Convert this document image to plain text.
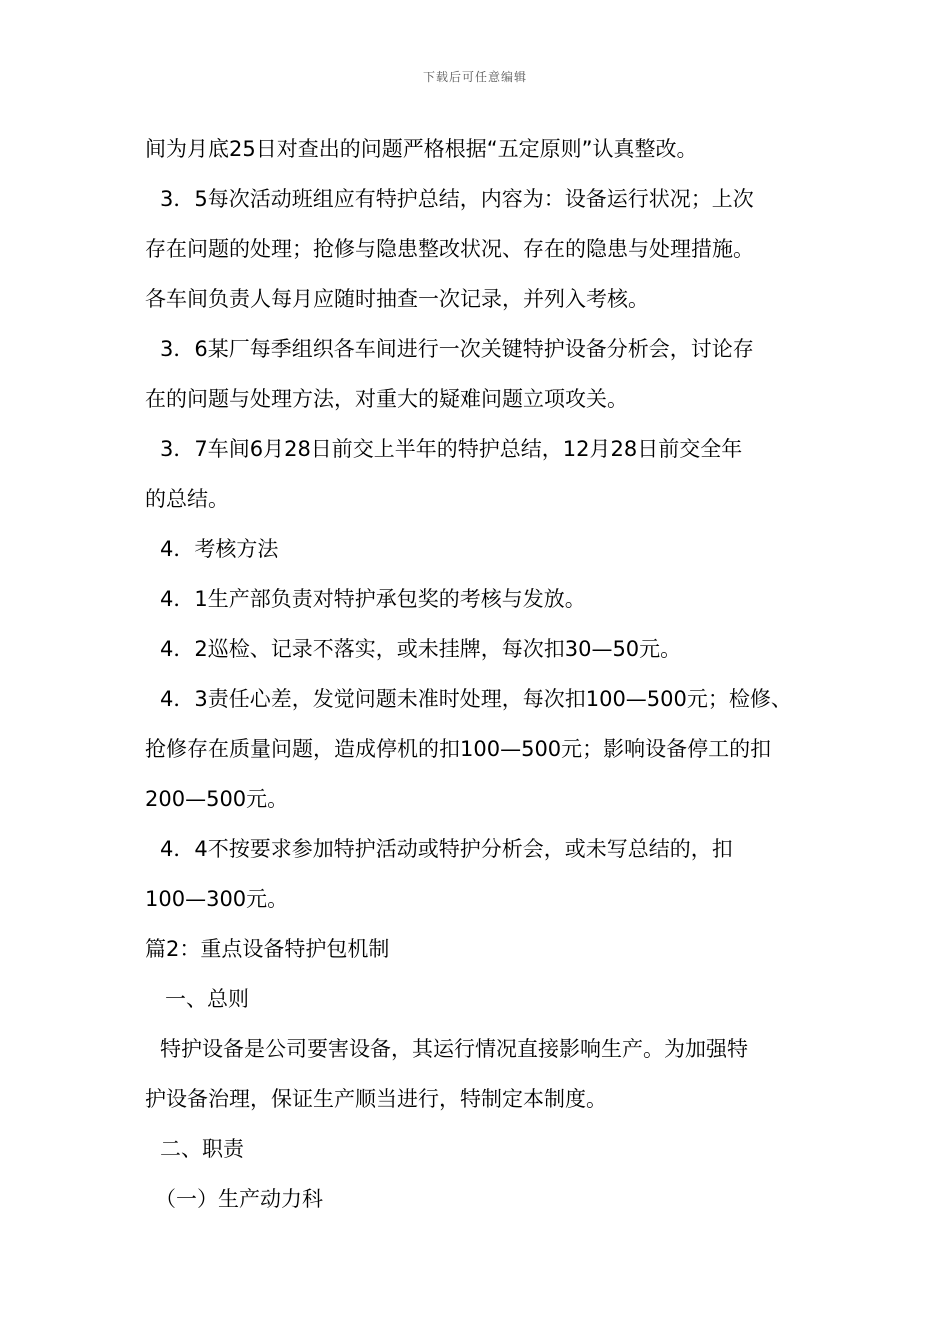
下载后可任意编辑
间为月底25日对查出的问题严格根据“五定原则”认真整改。
3．5每次活动班组应有特护总结，内容为：设备运行状况；上次
存在问题的处理；抢修与隐患整改状况、存在的隐患与处理措施。
各车间负责人每月应随时抽查一次记录，并列入考核。
3．6某厂每季组织各车间进行一次关键特护设备分析会，讨论存
在的问题与处理方法，对重大的疑难问题立项攻关。
3．7车间6月28日前交上半年的特护总结，12月28日前交全年
的总结。
4．考核方法
4．1生产部负责对特护承包奖的考核与发放。
4．2巡检、记录不落实，或未挂牌，每次扣30—50元。
4．3责任心差，发觉问题未准时处理，每次扣100—500元；检修、
抢修存在质量问题，造成停机的扣100—500元；影响设备停工的扣
200—500元。
4．4不按要求参加特护活动或特护分析会，或未写总结的，扣
100—300元。
篇2：重点设备特护包机制
一、总则
特护设备是公司要害设备，其运行情况直接影响生产。为加强特
护设备治理，保证生产顺当进行，特制定本制度。
二、职责
（一）生产动力科
